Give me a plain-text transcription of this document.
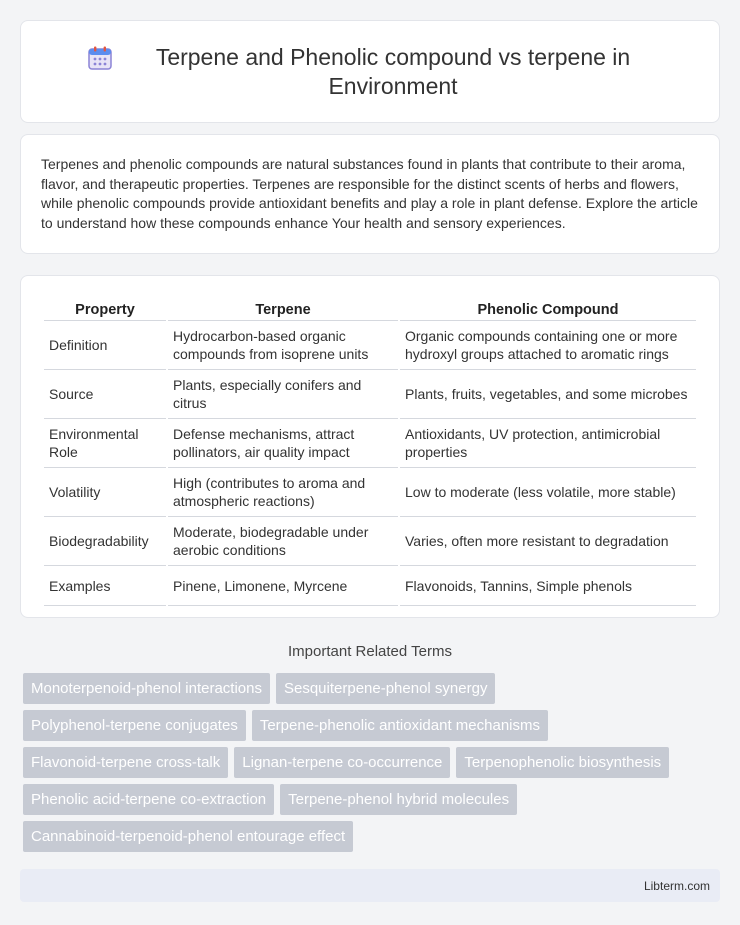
Terpene and Phenolic compound vs terpene in Environment

Terpenes and phenolic compounds are natural substances found in plants that contribute to their aroma, flavor, and therapeutic properties. Terpenes are responsible for the distinct scents of herbs and flowers, while phenolic compounds provide antioxidant benefits and play a role in plant defense. Explore the article to understand how these compounds enhance Your health and sensory experiences.

Property	Terpene	Phenolic Compound
Definition	Hydrocarbon-based organic compounds from isoprene units	Organic compounds containing one or more hydroxyl groups attached to aromatic rings
Source	Plants, especially conifers and citrus	Plants, fruits, vegetables, and some microbes
Environmental Role	Defense mechanisms, attract pollinators, air quality impact	Antioxidants, UV protection, antimicrobial properties
Volatility	High (contributes to aroma and atmospheric reactions)	Low to moderate (less volatile, more stable)
Biodegradability	Moderate, biodegradable under aerobic conditions	Varies, often more resistant to degradation
Examples	Pinene, Limonene, Myrcene	Flavonoids, Tannins, Simple phenols
Important Related Terms
Monoterpenoid-phenol interactions	Sesquiterpene-phenol synergy
Polyphenol-terpene conjugates	Terpene-phenolic antioxidant mechanisms
Flavonoid-terpene cross-talk	Lignan-terpene co-occurrence	Terpenophenolic biosynthesis
Phenolic acid-terpene co-extraction	Terpene-phenol hybrid molecules
Cannabinoid-terpenoid-phenol entourage effect
Libterm.com
